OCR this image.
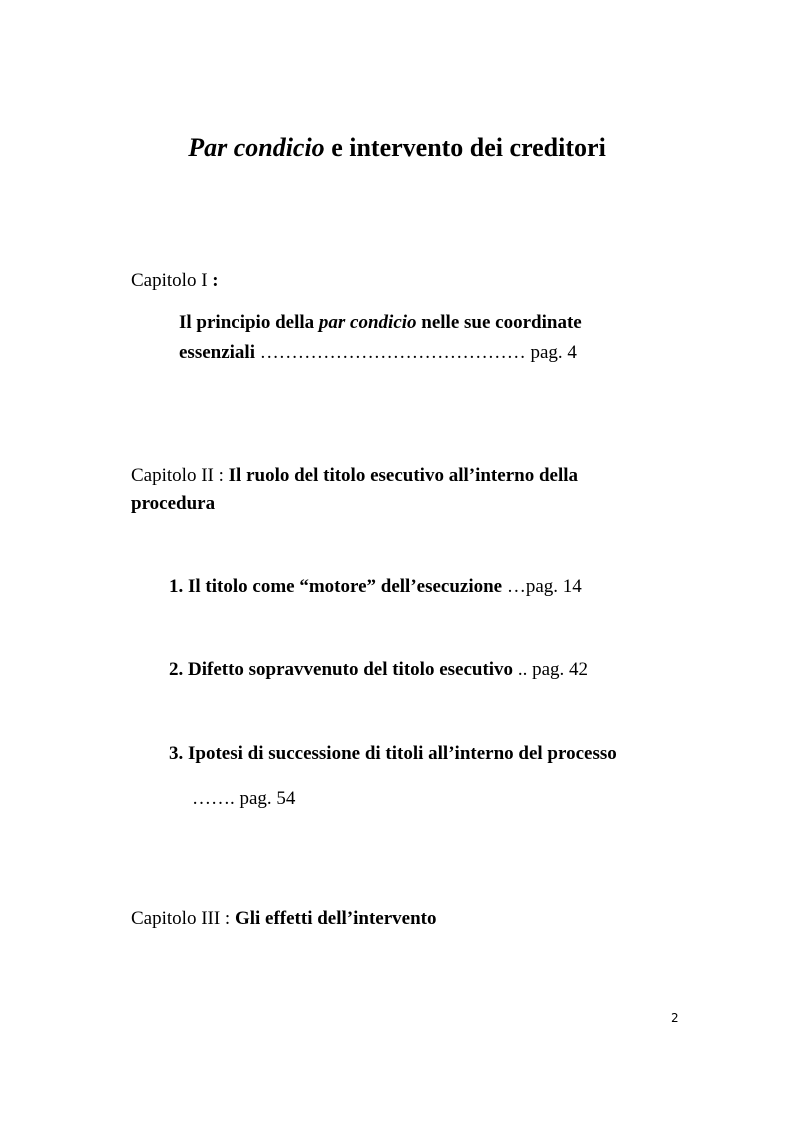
Par condicio e intervento dei creditori
Capitolo I :
Il principio della par condicio nelle sue coordinate
essenziali …………………………………… pag. 4
Capitolo II : Il ruolo del titolo esecutivo all’interno della
procedura
1. Il titolo come “motore” dell’esecuzione …pag. 14
2. Difetto sopravvenuto del titolo esecutivo .. pag. 42
3. Ipotesi di successione di titoli all’interno del processo
……. pag. 54
Capitolo III : Gli effetti dell’intervento
2
